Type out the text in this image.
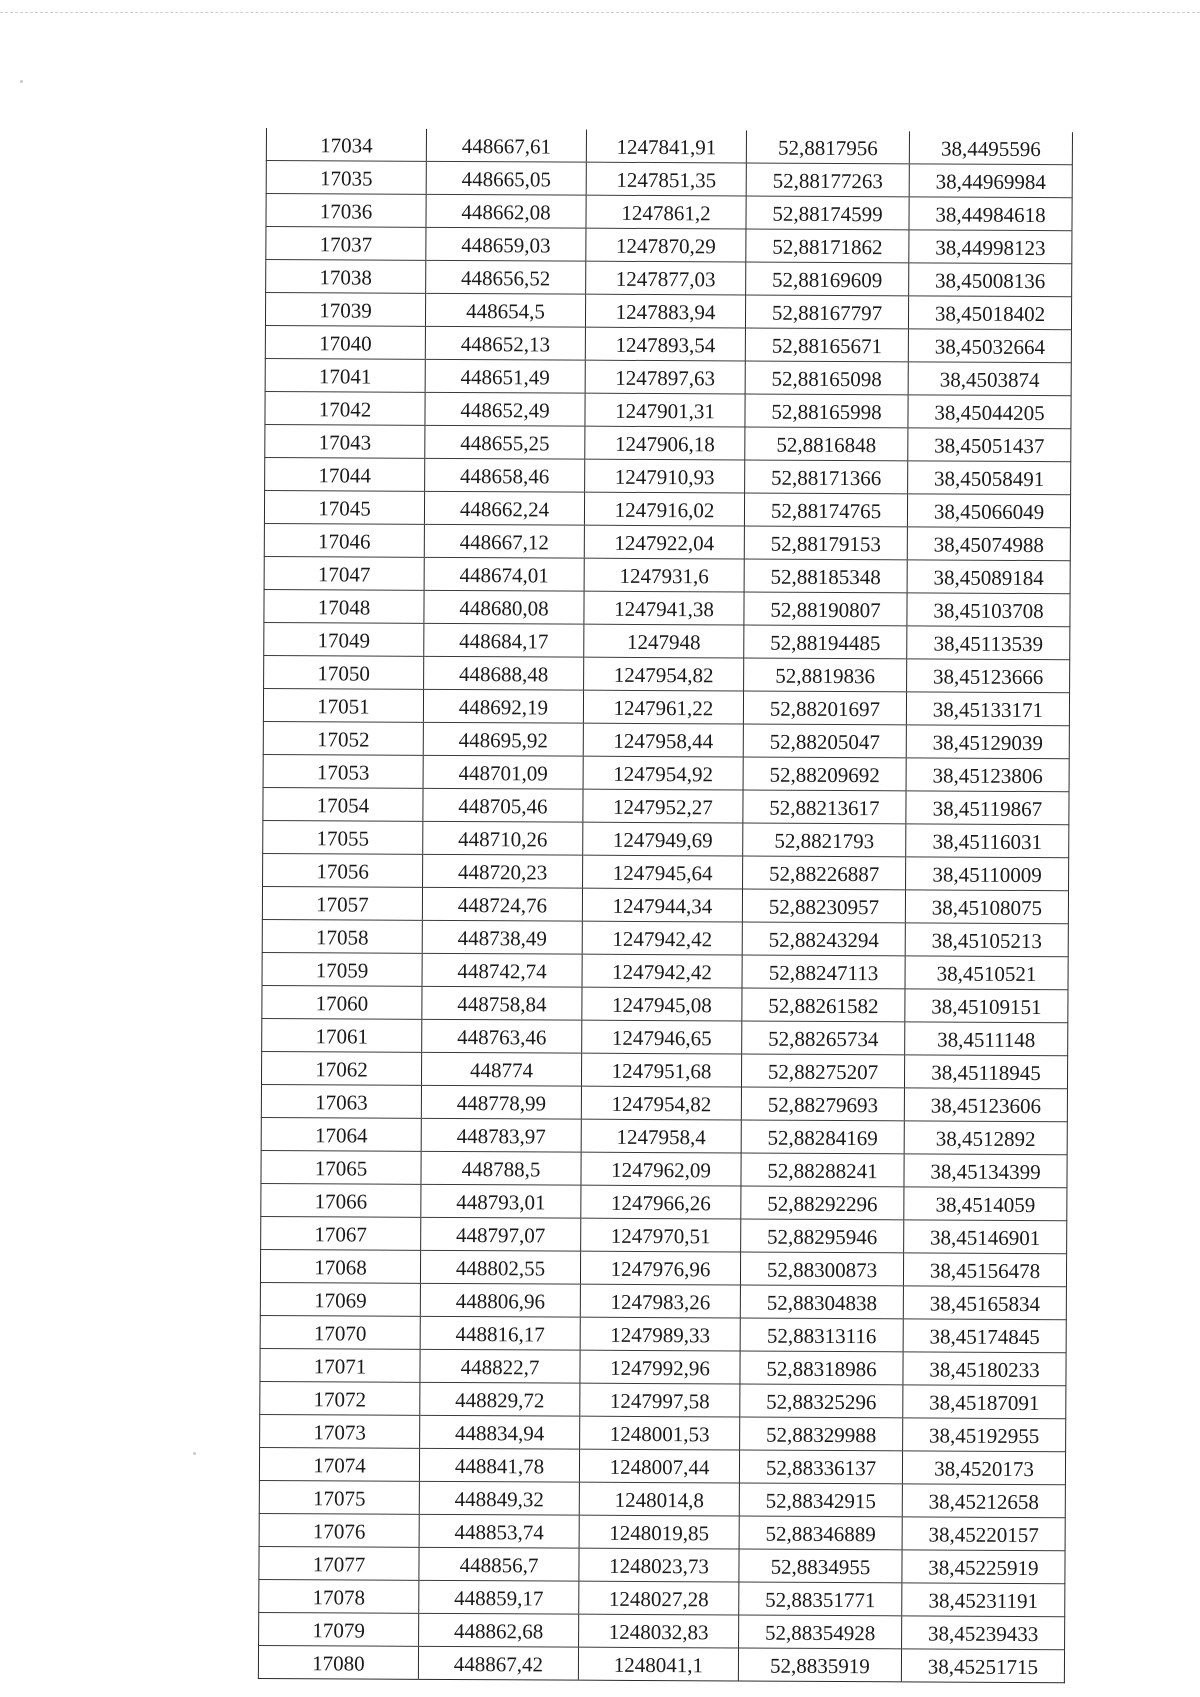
17034	448667,61	1247841,91	52,8817956	38,4495596
17035	448665,05	1247851,35	52,88177263	38,44969984
17036	448662,08	1247861,2	52,88174599	38,44984618
17037	448659,03	1247870,29	52,88171862	38,44998123
17038	448656,52	1247877,03	52,88169609	38,45008136
17039	448654,5	1247883,94	52,88167797	38,45018402
17040	448652,13	1247893,54	52,88165671	38,45032664
17041	448651,49	1247897,63	52,88165098	38,4503874
17042	448652,49	1247901,31	52,88165998	38,45044205
17043	448655,25	1247906,18	52,8816848	38,45051437
17044	448658,46	1247910,93	52,88171366	38,45058491
17045	448662,24	1247916,02	52,88174765	38,45066049
17046	448667,12	1247922,04	52,88179153	38,45074988
17047	448674,01	1247931,6	52,88185348	38,45089184
17048	448680,08	1247941,38	52,88190807	38,45103708
17049	448684,17	1247948	52,88194485	38,45113539
17050	448688,48	1247954,82	52,8819836	38,45123666
17051	448692,19	1247961,22	52,88201697	38,45133171
17052	448695,92	1247958,44	52,88205047	38,45129039
17053	448701,09	1247954,92	52,88209692	38,45123806
17054	448705,46	1247952,27	52,88213617	38,45119867
17055	448710,26	1247949,69	52,8821793	38,45116031
17056	448720,23	1247945,64	52,88226887	38,45110009
17057	448724,76	1247944,34	52,88230957	38,45108075
17058	448738,49	1247942,42	52,88243294	38,45105213
17059	448742,74	1247942,42	52,88247113	38,4510521
17060	448758,84	1247945,08	52,88261582	38,45109151
17061	448763,46	1247946,65	52,88265734	38,4511148
17062	448774	1247951,68	52,88275207	38,45118945
17063	448778,99	1247954,82	52,88279693	38,45123606
17064	448783,97	1247958,4	52,88284169	38,4512892
17065	448788,5	1247962,09	52,88288241	38,45134399
17066	448793,01	1247966,26	52,88292296	38,4514059
17067	448797,07	1247970,51	52,88295946	38,45146901
17068	448802,55	1247976,96	52,88300873	38,45156478
17069	448806,96	1247983,26	52,88304838	38,45165834
17070	448816,17	1247989,33	52,88313116	38,45174845
17071	448822,7	1247992,96	52,88318986	38,45180233
17072	448829,72	1247997,58	52,88325296	38,45187091
17073	448834,94	1248001,53	52,88329988	38,45192955
17074	448841,78	1248007,44	52,88336137	38,4520173
17075	448849,32	1248014,8	52,88342915	38,45212658
17076	448853,74	1248019,85	52,88346889	38,45220157
17077	448856,7	1248023,73	52,8834955	38,45225919
17078	448859,17	1248027,28	52,88351771	38,45231191
17079	448862,68	1248032,83	52,88354928	38,45239433
17080	448867,42	1248041,1	52,8835919	38,45251715
